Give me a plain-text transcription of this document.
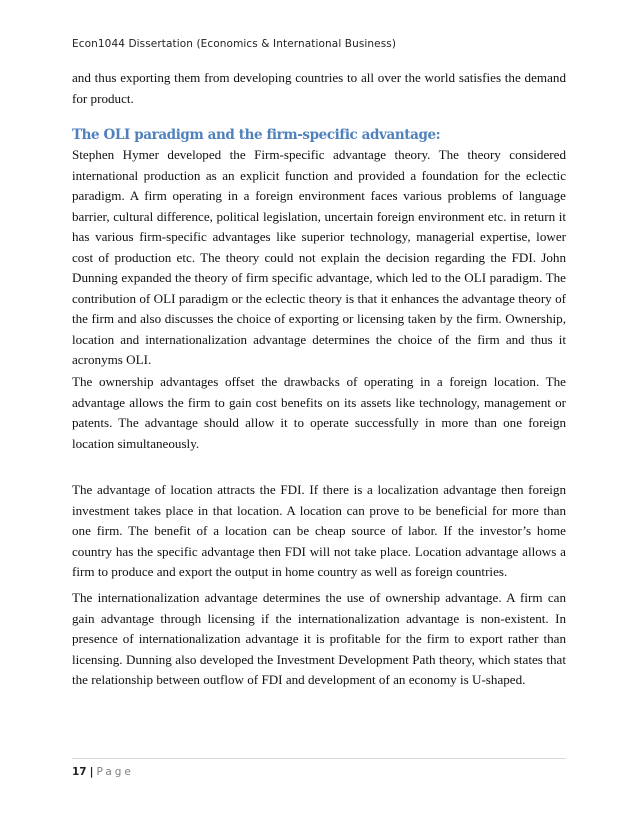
Econ1044 Dissertation (Economics & International Business)

and thus exporting them from developing countries to all over the world satisfies the demand for product.

The OLI paradigm and the firm-specific advantage:

Stephen Hymer developed the Firm-specific advantage theory. The theory considered international production as an explicit function and provided a foundation for the eclectic paradigm. A firm operating in a foreign environment faces various problems of language barrier, cultural difference, political legislation, uncertain foreign environment etc. in return it has various firm-specific advantages like superior technology, managerial expertise, lower cost of production etc. The theory could not explain the decision regarding the FDI. John Dunning expanded the theory of firm specific advantage, which led to the OLI paradigm. The contribution of OLI paradigm or the eclectic theory is that it enhances the advantage theory of the firm and also discusses the choice of exporting or licensing taken by the firm. Ownership, location and internationalization advantage determines the choice of the firm and thus it acronyms OLI.

The ownership advantages offset the drawbacks of operating in a foreign location. The advantage allows the firm to gain cost benefits on its assets like technology, management or patents. The advantage should allow it to operate successfully in more than one foreign location simultaneously.

The advantage of location attracts the FDI. If there is a localization advantage then foreign investment takes place in that location. A location can prove to be beneficial for more than one firm. The benefit of a location can be cheap source of labor. If the investor’s home country has the specific advantage then FDI will not take place. Location advantage allows a firm to produce and export the output in home country as well as foreign countries.

The internationalization advantage determines the use of ownership advantage. A firm can gain advantage through licensing if the internationalization advantage is non-existent. In presence of internationalization advantage it is profitable for the firm to export rather than licensing. Dunning also developed the Investment Development Path theory, which states that the relationship between outflow of FDI and development of an economy is U-shaped.

17 | Page
